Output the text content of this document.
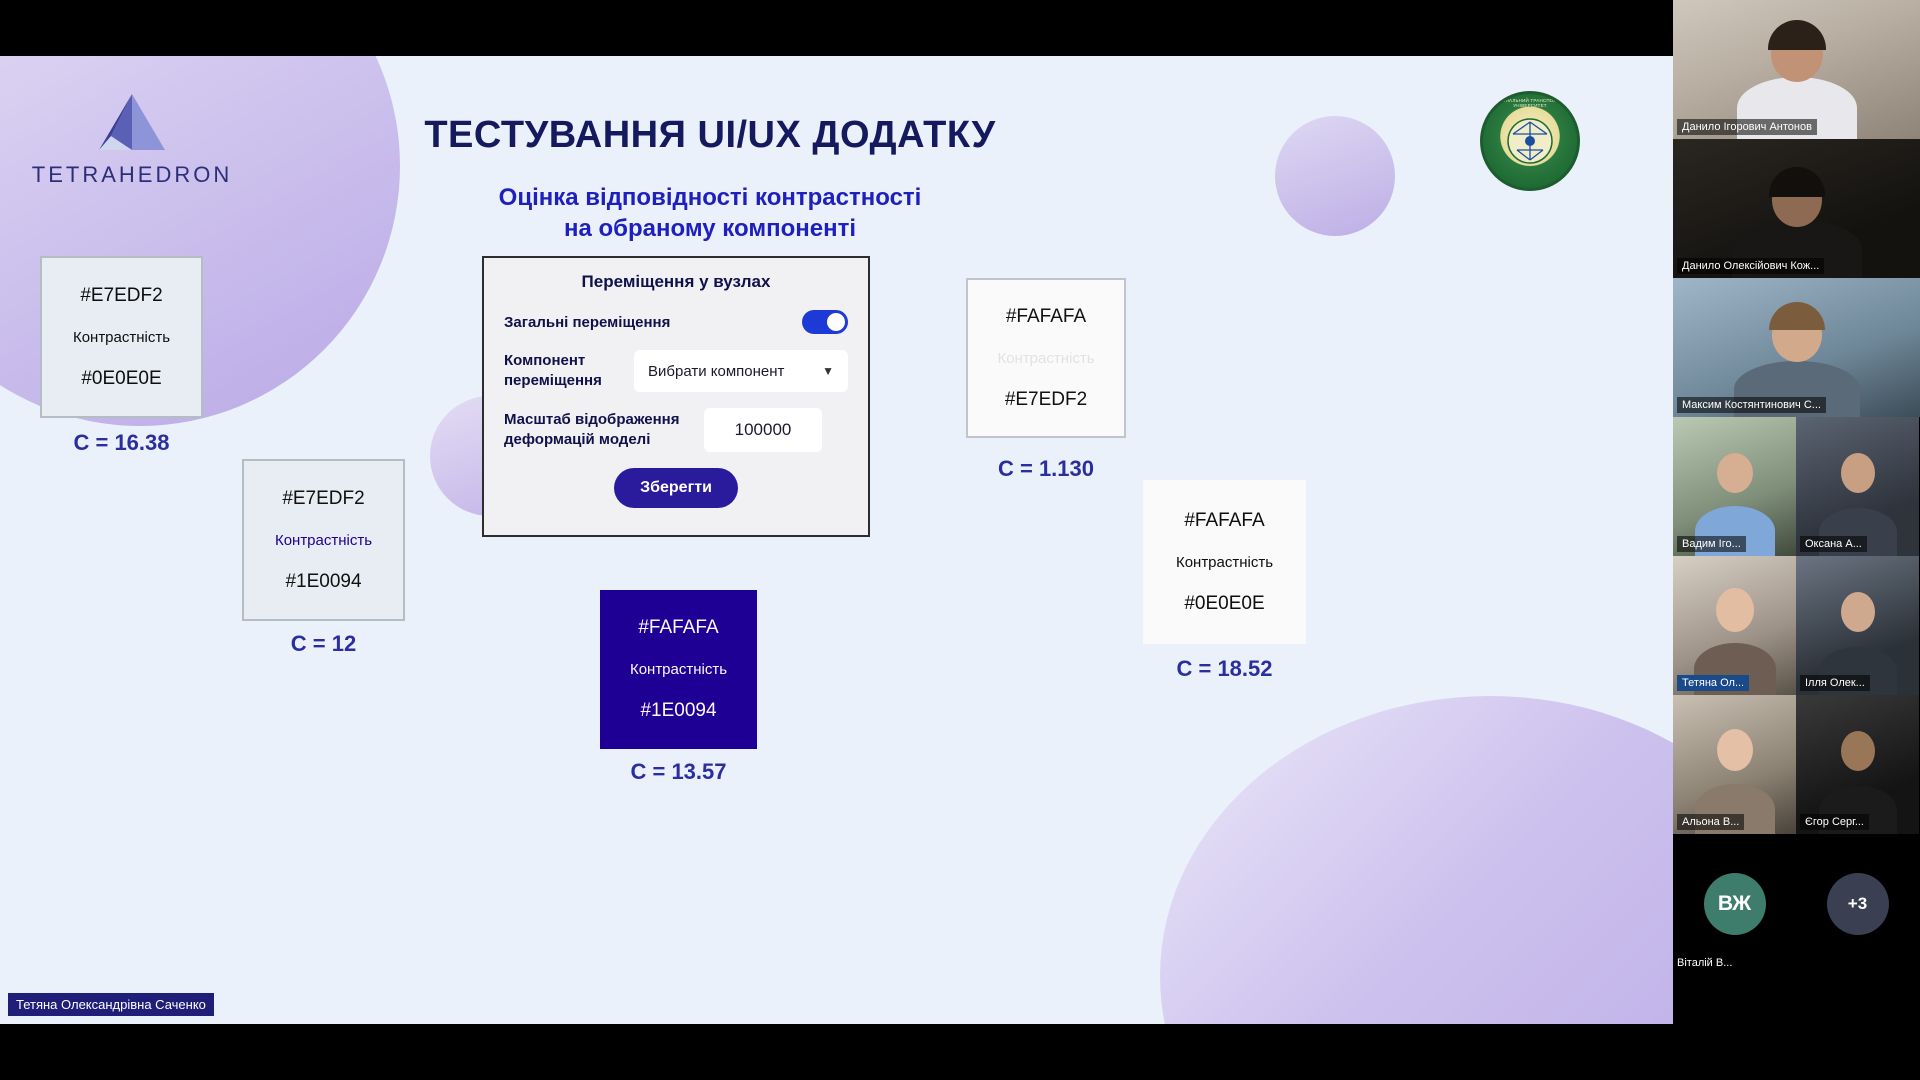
TETRAHEDRON
НАЦІОНАЛЬНИЙ ТРАНСПОРТНИЙ УНІВЕРСИТЕТ
ТЕСТУВАННЯ UI/UX ДОДАТКУ
Оцінка відповідності контрастності
на обраному компоненті
#E7EDF2
Контрастність
#0E0E0E
C = 16.38
#E7EDF2
Контрастність
#1E0094
C = 12
#FAFAFA
Контрастність
#1E0094
C = 13.57
#FAFAFA
Контрастність
#E7EDF2
C = 1.130
#FAFAFA
Контрастність
#0E0E0E
C = 18.52
Переміщення у вузлах
Загальні переміщення
Компонент переміщення
Вибрати компонент	▼
Масштаб відображення деформацій моделі
100000
Зберегти
Тетяна Олександрівна Саченко
Данило Ігорович Антонов
Данило Олексійович Кож...
Максим Костянтинович С...
Вадим Іго...	Оксана А...
Тетяна Ол...	Ілля Олек...
Альона В...	Єгор Серг...
ВЖ
Віталій В...
+3
